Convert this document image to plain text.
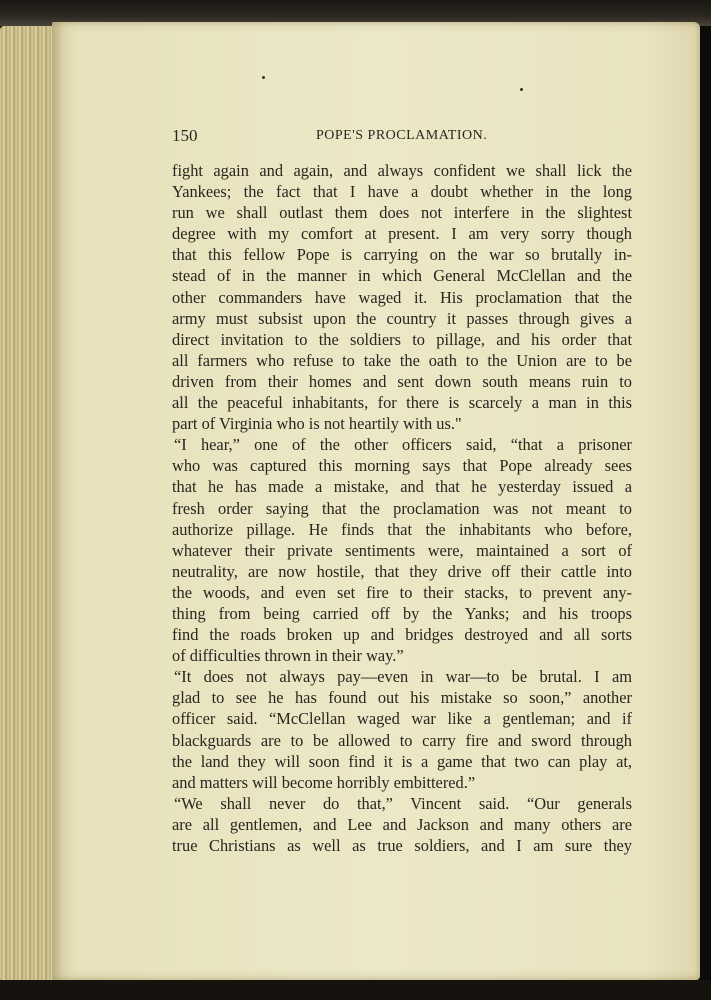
150	POPE'S PROCLAMATION.

fight again and again, and always confident we shall lick the

Yankees; the fact that I have a doubt whether in the long

run we shall outlast them does not interfere in the slightest

degree with my comfort at present. I am very sorry though

that this fellow Pope is carrying on the war so brutally in-

stead of in the manner in which General McClellan and the

other commanders have waged it. His proclamation that the

army must subsist upon the country it passes through gives a

direct invitation to the soldiers to pillage, and his order that

all farmers who refuse to take the oath to the Union are to be

driven from their homes and sent down south means ruin to

all the peaceful inhabitants, for there is scarcely a man in this

part of Virginia who is not heartily with us."

“I hear,” one of the other officers said, “that a prisoner

who was captured this morning says that Pope already sees

that he has made a mistake, and that he yesterday issued a

fresh order saying that the proclamation was not meant to

authorize pillage. He finds that the inhabitants who before,

whatever their private sentiments were, maintained a sort of

neutrality, are now hostile, that they drive off their cattle into

the woods, and even set fire to their stacks, to prevent any-

thing from being carried off by the Yanks; and his troops

find the roads broken up and bridges destroyed and all sorts

of difficulties thrown in their way.”

“It does not always pay—even in war—to be brutal. I am

glad to see he has found out his mistake so soon,” another

officer said. “McClellan waged war like a gentleman; and if

blackguards are to be allowed to carry fire and sword through

the land they will soon find it is a game that two can play at,

and matters will become horribly embittered.”

“We shall never do that,” Vincent said. “Our generals

are all gentlemen, and Lee and Jackson and many others are

true Christians as well as true soldiers, and I am sure they
